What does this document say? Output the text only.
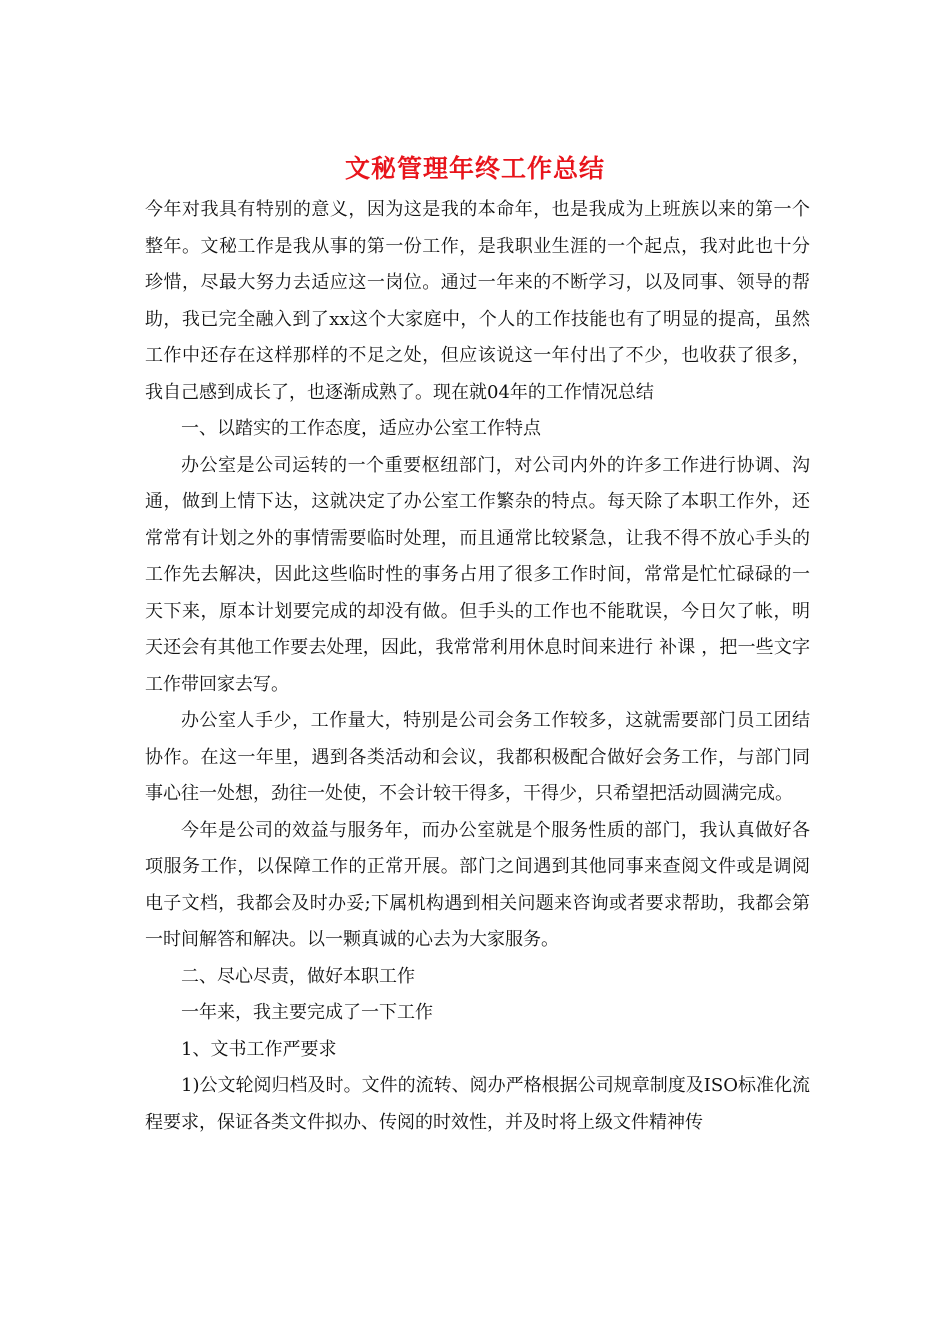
文秘管理年终工作总结

今年对我具有特别的意义，因为这是我的本命年，也是我成为上班族以来的第一个整年。文秘工作是我从事的第一份工作，是我职业生涯的一个起点，我对此也十分珍惜，尽最大努力去适应这一岗位。通过一年来的不断学习，以及同事、领导的帮助，我已完全融入到了xx这个大家庭中，个人的工作技能也有了明显的提高，虽然工作中还存在这样那样的不足之处，但应该说这一年付出了不少，也收获了很多，我自己感到成长了，也逐渐成熟了。现在就04年的工作情况总结

一、以踏实的工作态度，适应办公室工作特点

办公室是公司运转的一个重要枢纽部门，对公司内外的许多工作进行协调、沟通，做到上情下达，这就决定了办公室工作繁杂的特点。每天除了本职工作外，还常常有计划之外的事情需要临时处理，而且通常比较紧急，让我不得不放心手头的工作先去解决，因此这些临时性的事务占用了很多工作时间，常常是忙忙碌碌的一天下来，原本计划要完成的却没有做。但手头的工作也不能耽误，今日欠了帐，明天还会有其他工作要去处理，因此，我常常利用休息时间来进行 补课 ，把一些文字工作带回家去写。

办公室人手少，工作量大，特别是公司会务工作较多，这就需要部门员工团结协作。在这一年里，遇到各类活动和会议，我都积极配合做好会务工作，与部门同事心往一处想，劲往一处使，不会计较干得多，干得少，只希望把活动圆满完成。

今年是公司的效益与服务年，而办公室就是个服务性质的部门，我认真做好各项服务工作，以保障工作的正常开展。部门之间遇到其他同事来查阅文件或是调阅电子文档，我都会及时办妥;下属机构遇到相关问题来咨询或者要求帮助，我都会第一时间解答和解决。以一颗真诚的心去为大家服务。

二、尽心尽责，做好本职工作

一年来，我主要完成了一下工作

1、文书工作严要求

1)公文轮阅归档及时。文件的流转、阅办严格根据公司规章制度及ISO标准化流程要求，保证各类文件拟办、传阅的时效性，并及时将上级文件精神传
